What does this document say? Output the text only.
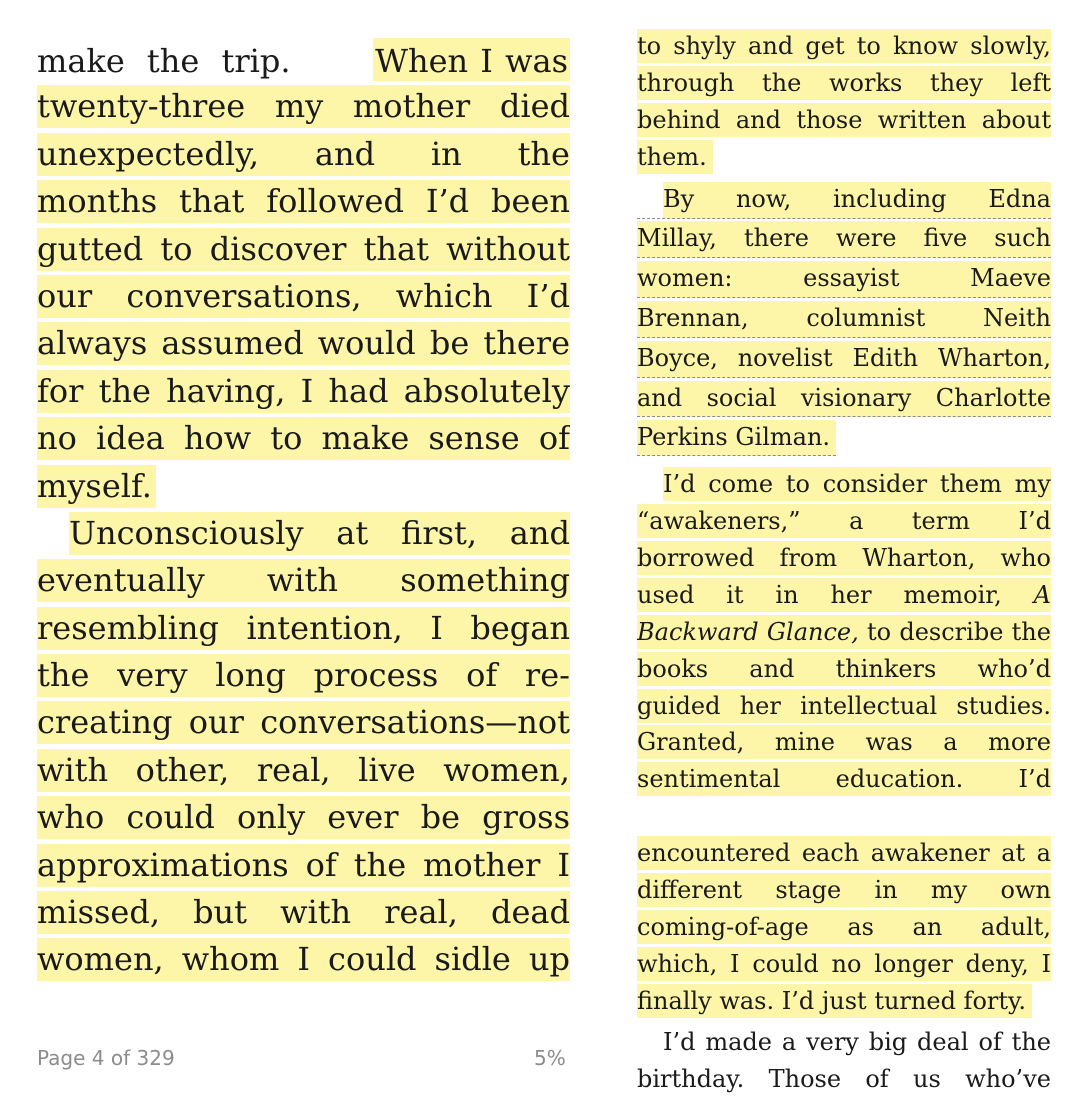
make the trip.	When I was
twenty-three my mother died
unexpectedly, and in the
months that followed I’d been
gutted to discover that without
our conversations, which I’d
always assumed would be there
for the having, I had absolutely
no idea how to make sense of
myself.
Unconsciously at first, and
eventually with something
resembling intention, I began
the very long process of re-
creating our conversations—not
with other, real, live women,
who could only ever be gross
approximations of the mother I
missed, but with real, dead
women, whom I could sidle up
to shyly and get to know slowly,
through the works they left
behind and those written about
them.
By now, including Edna
Millay, there were five such
women:	essayist	Maeve
Brennan, columnist Neith
Boyce, novelist Edith Wharton,
and social visionary Charlotte
Perkins Gilman.
I’d come to consider them my
“awakeners,” a term I’d
borrowed from Wharton, who
used it in her memoir, A
Backward Glance, to describe the
books and thinkers who’d
guided her intellectual studies.
Granted, mine was a more
sentimental education. I’d
encountered each awakener at a
different stage in my own
coming-of-age as an adult,
which, I could no longer deny, I
finally was. I’d just turned forty.
I’d made a very big deal of the
birthday. Those of us who’ve
Page 4 of 329	5%
